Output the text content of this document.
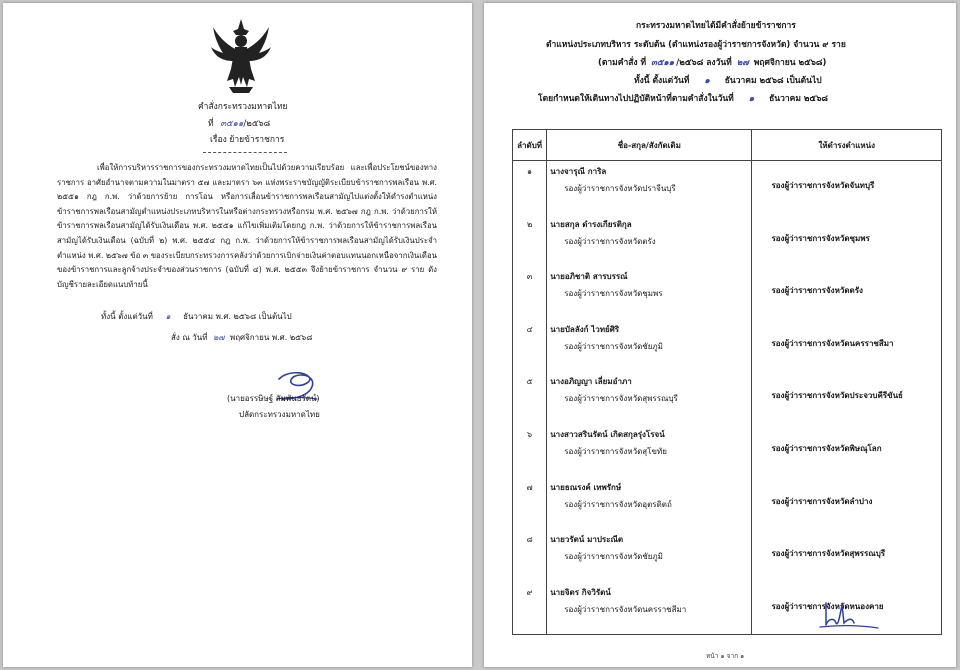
คำสั่งกระทรวงมหาดไทย
ที่ ๓๕๑๑/๒๕๖๘
เรื่อง ย้ายข้าราชการ
เพื่อให้การบริหารราชการของกระทรวงมหาดไทยเป็นไปด้วยความเรียบร้อย และเพื่อประโยชน์ของทางราชการ อาศัยอำนาจตามความในมาตรา ๕๗ และมาตรา ๖๓ แห่งพระราชบัญญัติระเบียบข้าราชการพลเรือน พ.ศ. ๒๕๕๑ กฎ ก.พ. ว่าด้วยการย้าย การโอน หรือการเลื่อนข้าราชการพลเรือนสามัญไปแต่งตั้งให้ดำรงตำแหน่งข้าราชการพลเรือนสามัญตำแหน่งประเภทบริหารในหรือต่างกระทรวงหรือกรม พ.ศ. ๒๕๖๗ กฎ ก.พ. ว่าด้วยการให้ข้าราชการพลเรือนสามัญได้รับเงินเดือน พ.ศ. ๒๕๕๑ แก้ไขเพิ่มเติมโดยกฎ ก.พ. ว่าด้วยการให้ข้าราชการพลเรือนสามัญได้รับเงินเดือน (ฉบับที่ ๒) พ.ศ. ๒๕๕๔ กฎ ก.พ. ว่าด้วยการให้ข้าราชการพลเรือนสามัญได้รับเงินประจำตำแหน่ง พ.ศ. ๒๕๖๗ ข้อ ๓ ของระเบียบกระทรวงการคลังว่าด้วยการเบิกจ่ายเงินค่าตอบแทนนอกเหนือจากเงินเดือนของข้าราชการและลูกจ้างประจำของส่วนราชการ (ฉบับที่ ๔) พ.ศ. ๒๕๕๓ จึงย้ายข้าราชการ จำนวน ๙ ราย ดังบัญชีรายละเอียดแนบท้ายนี้
ทั้งนี้ ตั้งแต่วันที่ ๑ ธันวาคม พ.ศ. ๒๕๖๘ เป็นต้นไป
สั่ง ณ วันที่ ๒๗ พฤศจิกายน พ.ศ. ๒๕๖๘
(นายอรรษิษฐ์ สัมพันธรัตน์)
ปลัดกระทรวงมหาดไทย
กระทรวงมหาดไทยได้มีคำสั่งย้ายข้าราชการ
ตำแหน่งประเภทบริหาร ระดับต้น (ตำแหน่งรองผู้ว่าราชการจังหวัด) จำนวน ๙ ราย
(ตามคำสั่ง ที่ ๓๕๑๑ /๒๕๖๘ ลงวันที่ ๒๗ พฤศจิกายน ๒๕๖๘)
ทั้งนี้ ตั้งแต่วันที่ ๑ ธันวาคม ๒๕๖๘ เป็นต้นไป
โดยกำหนดให้เดินทางไปปฏิบัติหน้าที่ตามคำสั่งในวันที่ ๑ ธันวาคม ๒๕๖๘
ลำดับที่	ชื่อ-สกุล/สังกัดเดิม	ให้ดำรงตำแหน่ง
๑	นางจารุณี การิล
รองผู้ว่าราชการจังหวัดปราจีนบุรี	รองผู้ว่าราชการจังหวัดจันทบุรี

๒	นายสกุล ดำรงเกียรติกุล
รองผู้ว่าราชการจังหวัดตรัง	รองผู้ว่าราชการจังหวัดชุมพร

๓	นายอภิชาติ สารบรรณ์
รองผู้ว่าราชการจังหวัดชุมพร	รองผู้ว่าราชการจังหวัดตรัง

๔	นายบัลลังก์ ไวทย์ศิริ
รองผู้ว่าราชการจังหวัดชัยภูมิ	รองผู้ว่าราชการจังหวัดนครราชสีมา

๕	นางอภิญญา เลี่ยมอำภา
รองผู้ว่าราชการจังหวัดสุพรรณบุรี	รองผู้ว่าราชการจังหวัดประจวบคีรีขันธ์

๖	นางสาวสรินรัตน์ เกิดสกุลรุ่งโรจน์
รองผู้ว่าราชการจังหวัดสุโขทัย	รองผู้ว่าราชการจังหวัดพิษณุโลก

๗	นายธณรงค์ เทพรักษ์
รองผู้ว่าราชการจังหวัดอุตรดิตถ์	รองผู้ว่าราชการจังหวัดลำปาง

๘	นายวรัตน์ มาประณีต
รองผู้ว่าราชการจังหวัดชัยภูมิ	รองผู้ว่าราชการจังหวัดสุพรรณบุรี

๙	นายจิตร กิจวิรัตน์
รองผู้ว่าราชการจังหวัดนครราชสีมา	รองผู้ว่าราชการจังหวัดหนองคาย
หน้า ๑ จาก ๑
